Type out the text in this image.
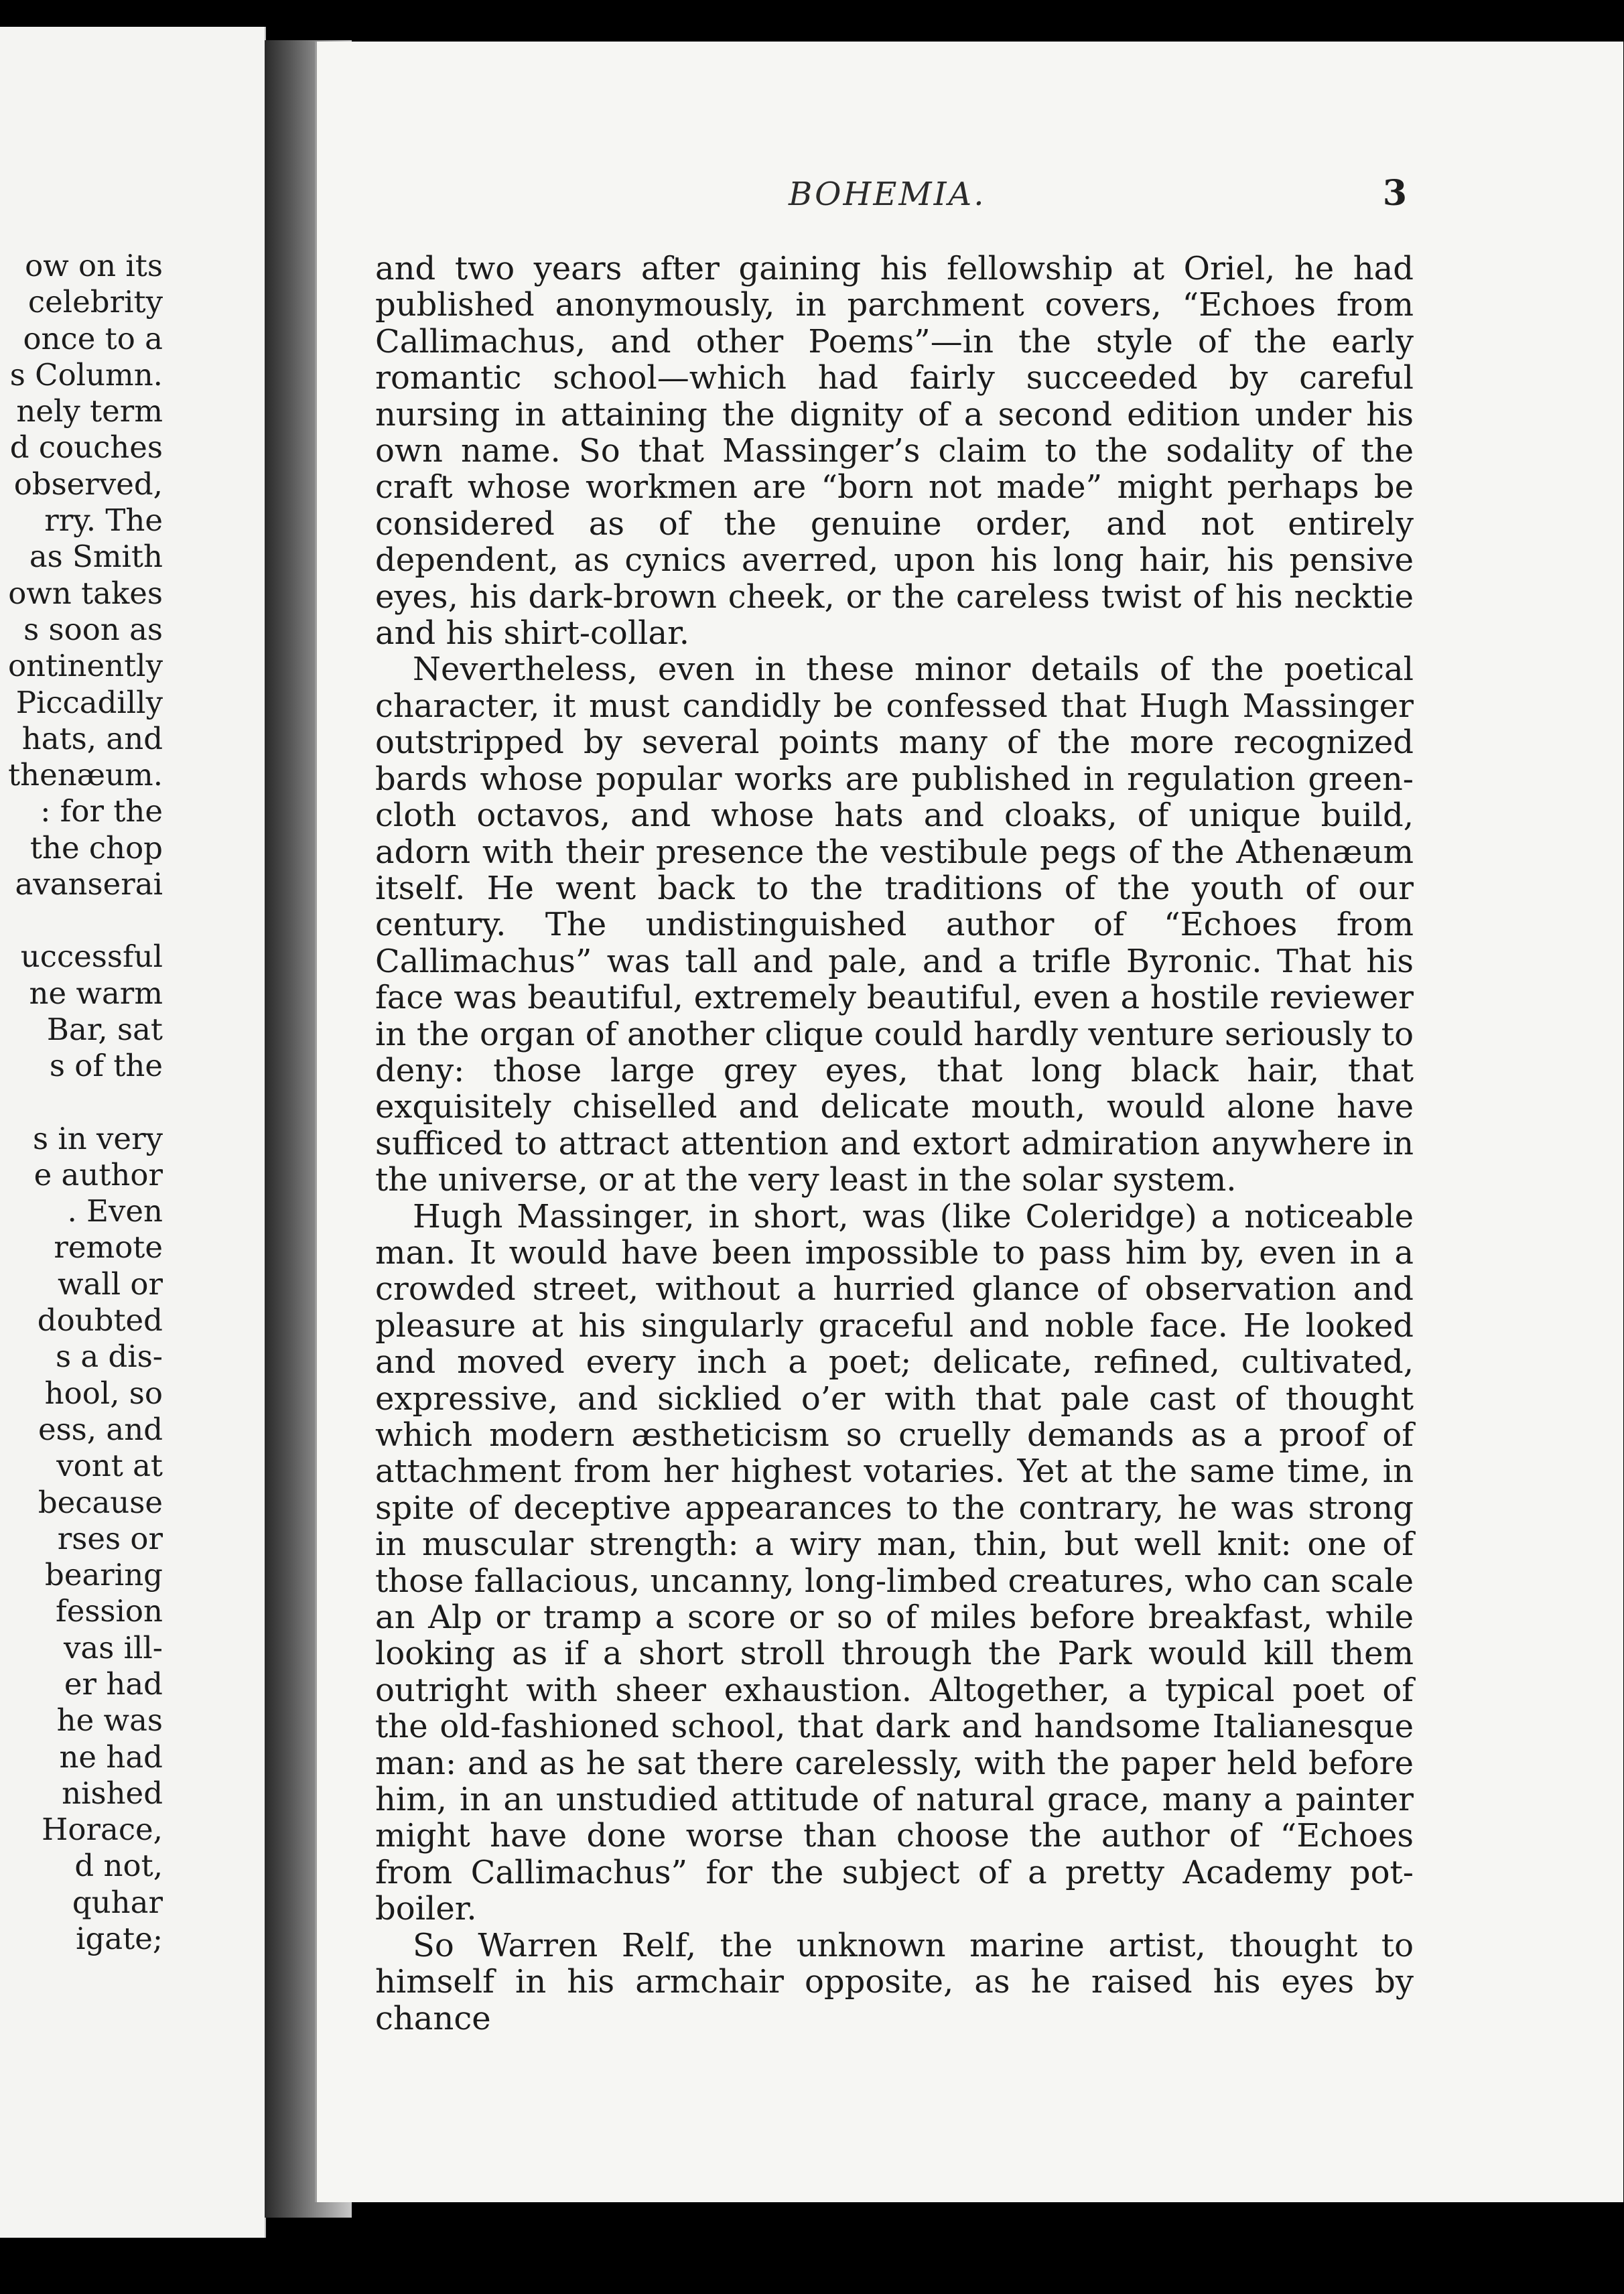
ow on its
celebrity
once to a
s Column.
nely term
d couches
observed,
rry. The
as Smith
own takes
s soon as
ontinently
Piccadilly
hats, and
thenæum.
: for the
the chop
avanserai
uccessful
ne warm
Bar, sat
s of the
s in very
e author
. Even
remote
wall or
doubted
s a dis-
hool, so
ess, and
vont at
because
rses or
bearing
fession
vas ill-
er had
he was
ne had
nished
Horace,
d not,
quhar
igate;
BOHEMIA.	3

and two years after gaining his fellowship at Oriel, he had published anonymously, in parchment covers, “Echoes from Callimachus, and other Poems”—in the style of the early romantic school—which had fairly succeeded by careful nursing in attaining the dignity of a second edition under his own name. So that Massinger’s claim to the sodality of the craft whose workmen are “born not made” might perhaps be considered as of the genuine order, and not entirely dependent, as cynics averred, upon his long hair, his pensive eyes, his dark-brown cheek, or the careless twist of his necktie and his shirt-collar.

Nevertheless, even in these minor details of the poetical character, it must candidly be confessed that Hugh Massinger outstripped by several points many of the more recognized bards whose popular works are published in regulation green-cloth octavos, and whose hats and cloaks, of unique build, adorn with their presence the vestibule pegs of the Athenæum itself. He went back to the traditions of the youth of our century. The undistinguished author of “Echoes from Callimachus” was tall and pale, and a trifle Byronic. That his face was beautiful, extremely beautiful, even a hostile reviewer in the organ of another clique could hardly venture seriously to deny: those large grey eyes, that long black hair, that exquisitely chiselled and delicate mouth, would alone have sufficed to attract attention and extort admiration anywhere in the universe, or at the very least in the solar system.

Hugh Massinger, in short, was (like Coleridge) a noticeable man. It would have been impossible to pass him by, even in a crowded street, without a hurried glance of observation and pleasure at his singularly graceful and noble face. He looked and moved every inch a poet; delicate, refined, cultivated, expressive, and sicklied o’er with that pale cast of thought which modern æstheticism so cruelly demands as a proof of attachment from her highest votaries. Yet at the same time, in spite of deceptive appearances to the contrary, he was strong in muscular strength: a wiry man, thin, but well knit: one of those fallacious, uncanny, long-limbed creatures, who can scale an Alp or tramp a score or so of miles before breakfast, while looking as if a short stroll through the Park would kill them outright with sheer exhaustion. Altogether, a typical poet of the old-fashioned school, that dark and handsome Italianesque man: and as he sat there carelessly, with the paper held before him, in an unstudied attitude of natural grace, many a painter might have done worse than choose the author of “Echoes from Callimachus” for the subject of a pretty Academy pot-boiler.

So Warren Relf, the unknown marine artist, thought to himself in his armchair opposite, as he raised his eyes by chance
